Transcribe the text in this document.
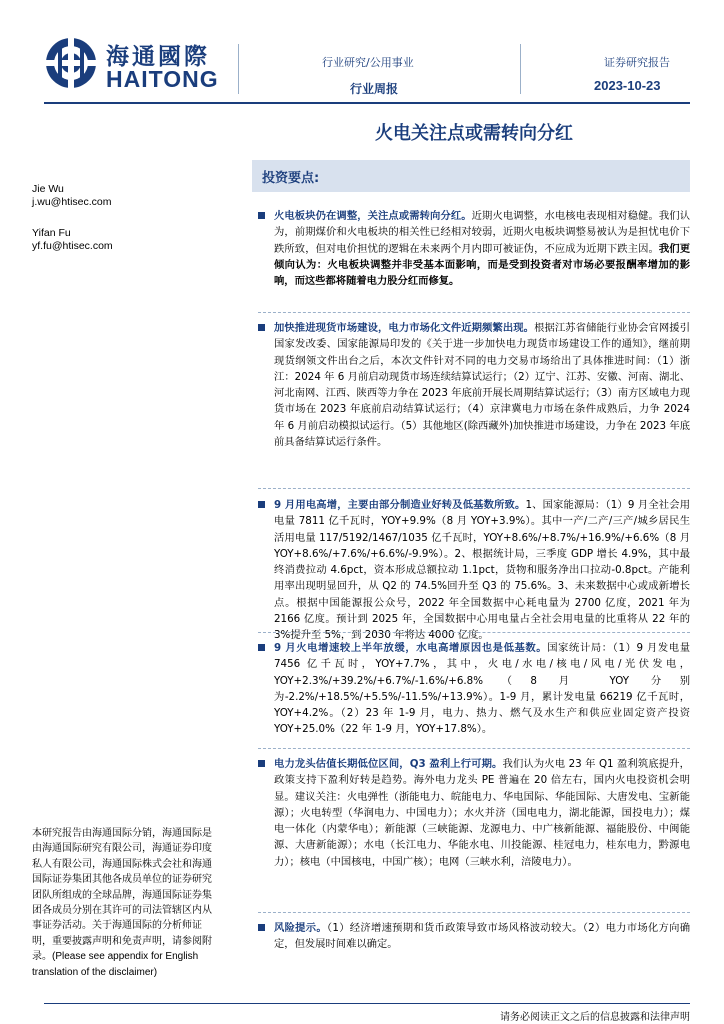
海通國際
HAITONG
行业研究/公用事业
行业周报
证券研究报告
2023-10-23
火电关注点或需转向分红
Jie Wu
j.wu@htisec.com
Yifan Fu
yf.fu@htisec.com
投资要点:
火电板块仍在调整，关注点或需转向分红。近期火电调整，水电核电表现相对稳健。我们认为，前期煤价和火电板块的相关性已经相对较弱，近期火电板块调整易被认为是担忧电价下跌所致，但对电价担忧的逻辑在未来两个月内即可被证伪，不应成为近期下跌主因。我们更倾向认为：火电板块调整并非受基本面影响，而是受到投资者对市场必要报酬率增加的影响，而这些都将随着电力股分红而修复。
加快推进现货市场建设，电力市场化文件近期频繁出现。根据江苏省储能行业协会官网援引国家发改委、国家能源局印发的《关于进一步加快电力现货市场建设工作的通知》，继前期现货纲领文件出台之后，本次文件针对不同的电力交易市场给出了具体推进时间：（1）浙江：2024 年 6 月前启动现货市场连续结算试运行；（2）辽宁、江苏、安徽、河南、湖北、河北南网、江西、陕西等力争在 2023 年底前开展长周期结算试运行；（3）南方区域电力现货市场在 2023 年底前启动结算试运行；（4）京津冀电力市场在条件成熟后，力争 2024 年 6 月前启动模拟试运行。（5）其他地区(除西藏外)加快推进市场建设，力争在 2023 年底前具备结算试运行条件。
9 月用电高增，主要由部分制造业好转及低基数所致。1、国家能源局：（1）9 月全社会用电量 7811 亿千瓦时，YOY+9.9%（8 月 YOY+3.9%）。其中一产/二产/三产/城乡居民生活用电量 117/5192/1467/1035 亿千瓦时，YOY+8.6%/+8.7%/+16.9%/+6.6%（8 月 YOY+8.6%/+7.6%/+6.6%/-9.9%）。2、根据统计局，三季度 GDP 增长 4.9%，其中最终消费拉动 4.6pct，资本形成总额拉动 1.1pct，货物和服务净出口拉动-0.8pct。产能利用率出现明显回升，从 Q2 的 74.5%回升至 Q3 的 75.6%。3、未来数据中心或成新增长点。根据中国能源报公众号，2022 年全国数据中心耗电量为 2700 亿度，2021 年为 2166 亿度。预计到 2025 年，全国数据中心用电量占全社会用电量的比重将从 22 年的 3%提升至 5%，到 2030 年将达 4000 亿度。
9 月火电增速较上半年放缓，水电高增原因也是低基数。国家统计局：（1）9 月发电量 7456 亿千瓦时，YOY+7.7%，其中，火电/水电/核电/风电/光伏发电，YOY+2.3%/+39.2%/+6.7%/-1.6%/+6.8%（8 月 YOY 分别为-2.2%/+18.5%/+5.5%/-11.5%/+13.9%）。1-9 月，累计发电量 66219 亿千瓦时，YOY+4.2%。（2）23 年 1-9 月，电力、热力、燃气及水生产和供应业固定资产投资 YOY+25.0%（22 年 1-9 月，YOY+17.8%）。
电力龙头估值长期低位区间，Q3 盈利上行可期。我们认为火电 23 年 Q1 盈利筑底提升，政策支持下盈利好转是趋势。海外电力龙头 PE 普遍在 20 倍左右，国内火电投资机会明显。建议关注：火电弹性（浙能电力、皖能电力、华电国际、华能国际、大唐发电、宝新能源）；火电转型（华润电力、中国电力）；水火并济（国电电力，湖北能源，国投电力）；煤电一体化（内蒙华电）；新能源（三峡能源、龙源电力、中广核新能源、福能股份、中闽能源、大唐新能源）；水电（长江电力、华能水电、川投能源、桂冠电力，桂东电力，黔源电力）；核电（中国核电，中国广核）；电网（三峡水利，涪陵电力）。
风险提示。（1）经济增速预期和货币政策导致市场风格波动较大。（2）电力市场化方向确定，但发展时间难以确定。
本研究报告由海通国际分销，海通国际是由海通国际研究有限公司，海通证券印度私人有限公司，海通国际株式会社和海通国际证券集团其他各成员单位的证券研究团队所组成的全球品牌，海通国际证券集团各成员分别在其许可的司法管辖区内从事证券活动。关于海通国际的分析师证明，重要披露声明和免责声明，请参阅附录。(Please see appendix for English translation of the disclaimer)
请务必阅读正文之后的信息披露和法律声明
